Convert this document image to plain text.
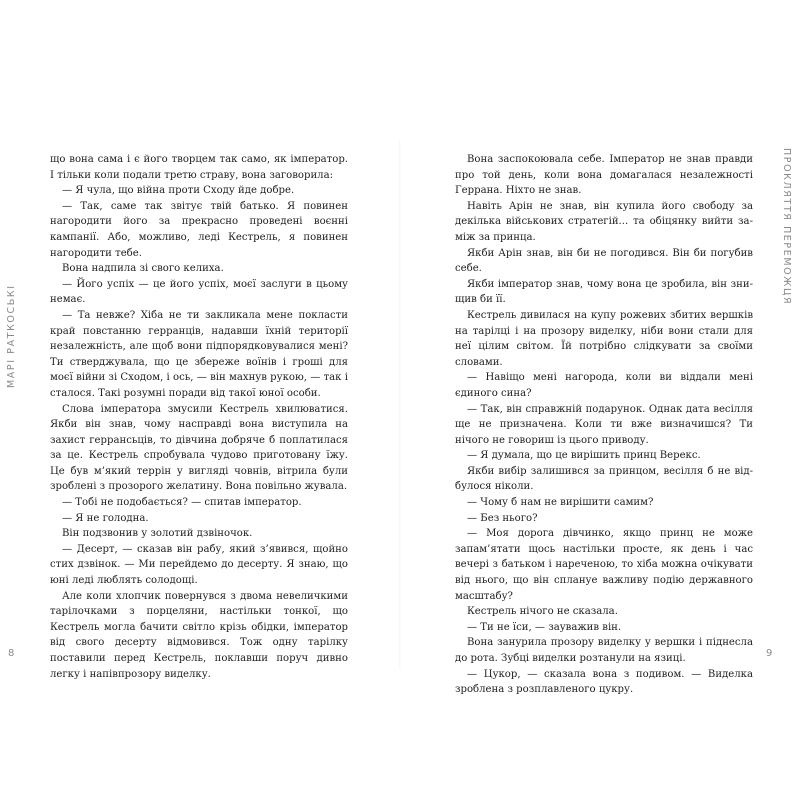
МАРІ РАТКОСЬКІ

що вона сама і є його творцем так само, як імператор. І тільки коли подали третю страву, вона заговорила:

— Я чула, що війна проти Сходу йде добре.

— Так, саме так звітує твій батько. Я повинен нагородити його за прекрасно проведені воєнні кампанії. Або, можливо, леді Кестрель, я повинен нагородити тебе.

Вона надпила зі свого келиха.

— Його успіх — це його успіх, моєї заслуги в цьому немає.

— Та невже? Хіба не ти закликала мене покласти край повстанню герранців, надавши їхній території незалежність, але щоб вони підпорядковувалися мені? Ти стверджувала, що це збереже воїнів і гроші для моєї війни зі Сходом, і ось, — він махнув рукою, — так і сталося. Такі розумні поради від такої юної особи.

Слова імператора змусили Кестрель хвилюватися. Якби він знав, чому насправді вона виступила на захист геррансьців, то дівчина добряче б поплатилася за це. Кестрель спробувала чудово приготовану їжу. Це був м’який террін у вигляді човнів, вітрила були зроблені з прозорого желатину. Вона повільно жувала.

— Тобі не подобається? — спитав імператор.

— Я не голодна.

Він подзвонив у золотий дзвіночок.

— Десерт, — сказав він рабу, який з’явився, щойно стих дзвінок. — Ми перейдемо до десерту. Я знаю, що юні леді люблять солодощі.

Але коли хлопчик повернувся з двома невеличкими тарілочками з порцеляни, настільки тонкої, що Кестрель могла бачити світло крізь обідки, імператор від свого десерту відмовився. Тож одну тарілку поставили перед Кестрель, поклавши поруч дивно легку і напівпрозору виделку.

8
ПРОКЛЯТТЯ ПЕРЕМОЖЦЯ

Вона заспокоювала себе. Імператор не знав правди про той день, коли вона домагалася незалежності Геррана. Ніхто не знав.

Навіть Арін не знав, він купила його свободу за декілька військових стратегій... та обіцянку вийти заміж за принца.

Якби Арін знав, він би не погодився. Він би погубив себе.

Якби імператор знав, чому вона це зробила, він знищив би її.

Кестрель дивилася на купу рожевих збитих вершків на тарілці і на прозору виделку, ніби вони стали для неї цілим світом. Їй потрібно слідкувати за своїми словами.

— Навіщо мені нагорода, коли ви віддали мені єдиного сина?

— Так, він справжній подарунок. Однак дата весілля ще не призначена. Коли ти вже визначишся? Ти нічого не говориш із цього приводу.

— Я думала, що це вирішить принц Верекс.

Якби вибір залишився за принцом, весілля б не відбулося ніколи.

— Чому б нам не вирішити самим?

— Без нього?

— Моя дорога дівчинко, якщо принц не може запам’ятати щось настільки просте, як день і час вечері з батьком і нареченою, то хіба можна очікувати від нього, що він сплануе важливу подію державного масштабу?

Кестрель нічого не сказала.

— Ти не їси, — зауважив він.

Вона занурила прозору виделку у вершки і піднесла до рота. Зубці виделки розтанули на язиці.

— Цукор, — сказала вона з подивом. — Виделка зроблена з розплавленого цукру.

9
